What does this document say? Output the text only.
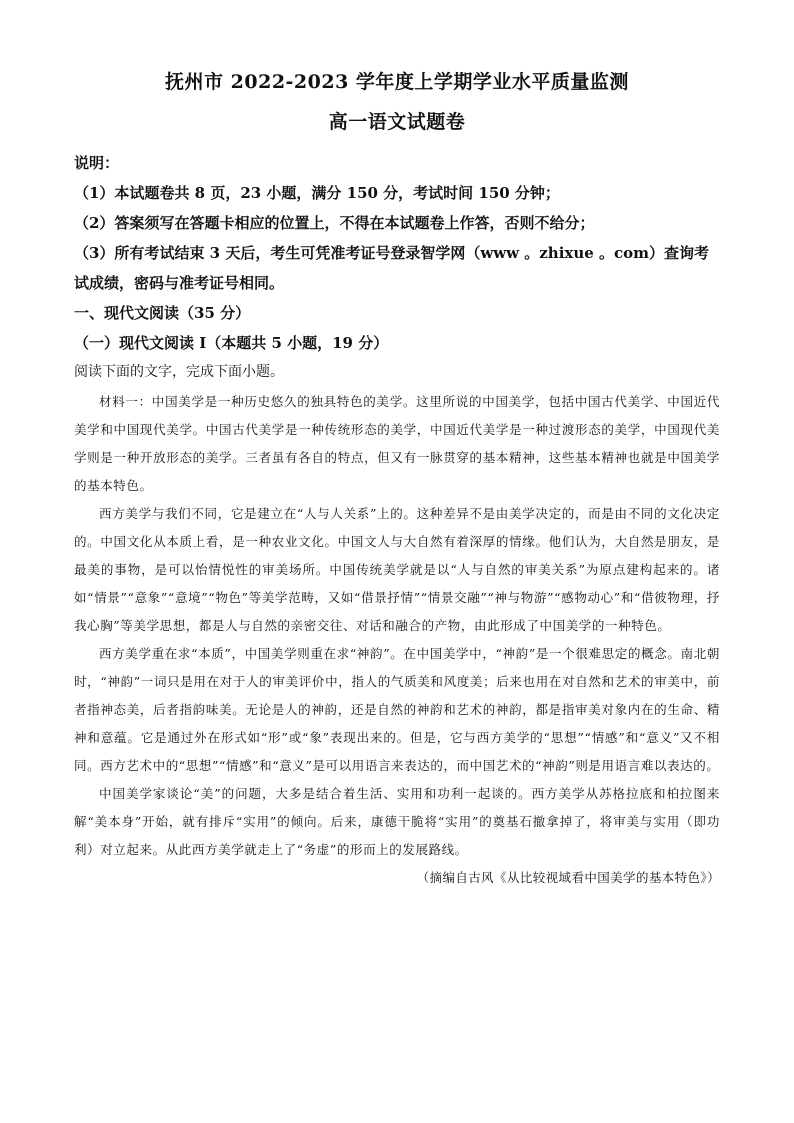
抚州市 2022-2023 学年度上学期学业水平质量监测
高一语文试题卷

说明：

（1）本试题卷共 8 页，23 小题，满分 150 分，考试时间 150 分钟；

（2）答案须写在答题卡相应的位置上，不得在本试题卷上作答，否则不给分；

（3）所有考试结束 3 天后，考生可凭准考证号登录智学网（www 。zhixue 。com）查询考试成绩，密码与准考证号相同。

一、现代文阅读（35 分）

（一）现代文阅读 I（本题共 5 小题，19 分）

阅读下面的文字，完成下面小题。

材料一：中国美学是一种历史悠久的独具特色的美学。这里所说的中国美学，包括中国古代美学、中国近代美学和中国现代美学。中国古代美学是一种传统形态的美学，中国近代美学是一种过渡形态的美学，中国现代美学则是一种开放形态的美学。三者虽有各自的特点，但又有一脉贯穿的基本精神，这些基本精神也就是中国美学的基本特色。

西方美学与我们不同，它是建立在“人与人关系”上的。这种差异不是由美学决定的，而是由不同的文化决定的。中国文化从本质上看，是一种农业文化。中国文人与大自然有着深厚的情缘。他们认为，大自然是朋友，是最美的事物，是可以怡情悦性的审美场所。中国传统美学就是以“人与自然的审美关系”为原点建构起来的。诸如“情景”“意象”“意境”“物色”等美学范畴，又如“借景抒情”“情景交融”“神与物游”“感物动心”和“借彼物理，抒我心胸”等美学思想，都是人与自然的亲密交往、对话和融合的产物，由此形成了中国美学的一种特色。

西方美学重在求“本质”，中国美学则重在求“神韵”。在中国美学中，“神韵”是一个很难思定的概念。南北朝时，“神韵”一词只是用在对于人的审美评价中，指人的气质美和风度美；后来也用在对自然和艺术的审美中，前者指神态美，后者指韵味美。无论是人的神韵，还是自然的神韵和艺术的神韵，都是指审美对象内在的生命、精神和意蕴。它是通过外在形式如“形”或“象”表现出来的。但是，它与西方美学的“思想”“情感”和“意义”又不相同。西方艺术中的“思想”“情感”和“意义”是可以用语言来表达的，而中国艺术的“神韵”则是用语言难以表达的。

中国美学家谈论“美”的问题，大多是结合着生活、实用和功利一起谈的。西方美学从苏格拉底和柏拉图来解“美本身”开始，就有排斥“实用”的倾向。后来，康德干脆将“实用”的奠基石撤拿掉了，将审美与实用（即功利）对立起来。从此西方美学就走上了“务虚”的形而上的发展路线。

（摘编自古风《从比较视域看中国美学的基本特色》）
